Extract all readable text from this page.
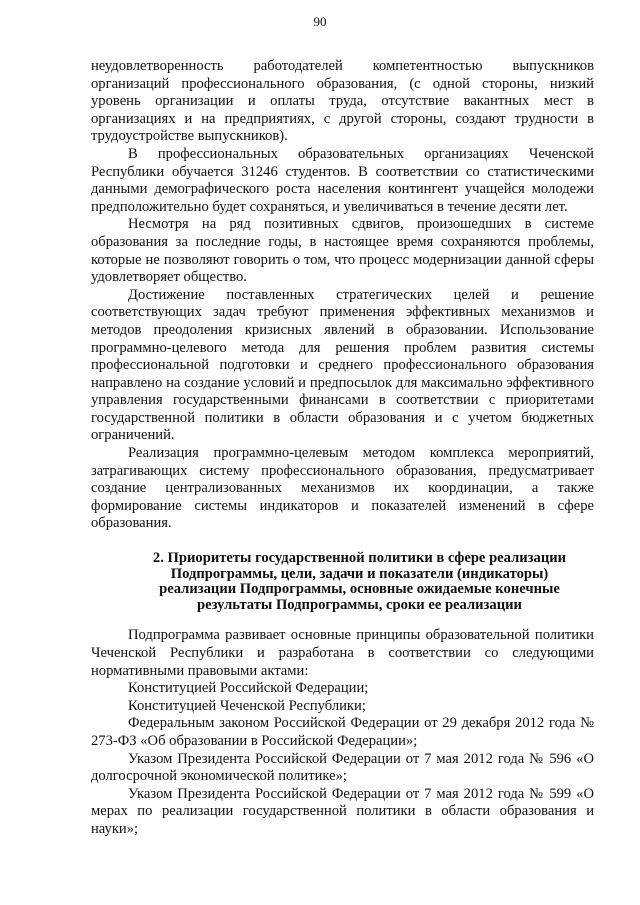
90

неудовлетворенность работодателей компетентностью выпускников организаций профессионального образования, (с одной стороны, низкий уровень организации и оплаты труда, отсутствие вакантных мест в организациях и на предприятиях, с другой стороны, создают трудности в трудоустройстве выпускников).

В профессиональных образовательных организациях Чеченской Республики обучается 31246 студентов. В соответствии со статистическими данными демографического роста населения контингент учащейся молодежи предположительно будет сохраняться, и увеличиваться в течение десяти лет.

Несмотря на ряд позитивных сдвигов, произошедших в системе образования за последние годы, в настоящее время сохраняются проблемы, которые не позволяют говорить о том, что процесс модернизации данной сферы удовлетворяет общество.

Достижение поставленных стратегических целей и решение соответствующих задач требуют применения эффективных механизмов и методов преодоления кризисных явлений в образовании. Использование программно-целевого метода для решения проблем развития системы профессиональной подготовки и среднего профессионального образования направлено на создание условий и предпосылок для максимально эффективного управления государственными финансами в соответствии с приоритетами государственной политики в области образования и с учетом бюджетных ограничений.

Реализация программно-целевым методом комплекса мероприятий, затрагивающих систему профессионального образования, предусматривает создание централизованных механизмов их координации, а также формирование системы индикаторов и показателей изменений в сфере образования.

2. Приоритеты государственной политики в сфере реализации Подпрограммы, цели, задачи и показатели (индикаторы) реализации Подпрограммы, основные ожидаемые конечные результаты Подпрограммы, сроки ее реализации

Подпрограмма развивает основные принципы образовательной политики Чеченской Республики и разработана в соответствии со следующими нормативными правовыми актами:

Конституцией Российской Федерации;

Конституцией Чеченской Республики;

Федеральным законом Российской Федерации от 29 декабря 2012 года № 273-ФЗ «Об образовании в Российской Федерации»;

Указом Президента Российской Федерации от 7 мая 2012 года № 596 «О долгосрочной экономической политике»;

Указом Президента Российской Федерации от 7 мая 2012 года № 599 «О мерах по реализации государственной политики в области образования и науки»;
